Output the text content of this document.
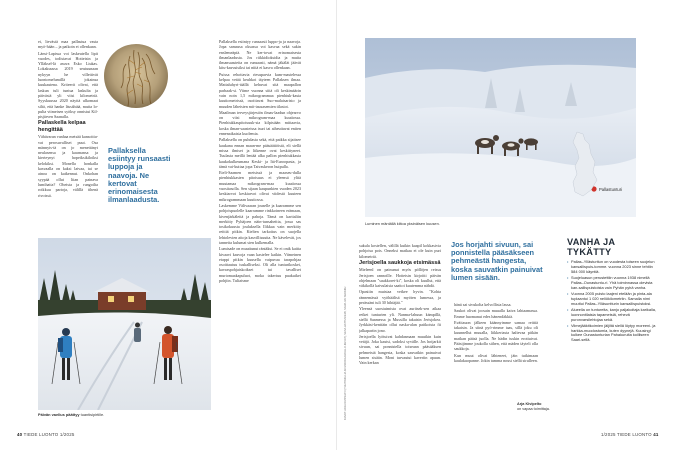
ei, lievästä maa pallastua vasta myö-hään – ja paikoin ei ollenkaan.

Länsi-Lapissa voi laskeutella lipit vuodes, todistavat Hotteisin ja Ylläksel-lä asuva Esko Liukas. Lokakuussa 2019 seutuunaan nykyyn he villettivät luontomelumillä jokainsa kuukautena. Kriteerit olivat, että laskun tuli tuntua laskulta ja päivästä yli viisi kilometriä. Syyskuussa 2020 näyttä ulkomaat siltä, että hanke lässähtää, mutta lo-pulta viimeisen syöksy onnistui Kil-pisjärven Saanalla.

Pallaskella kelpaa hengittää

Vähävaran vanhaa metsää kansoitta-vat perosuvalliset puut. Osa männyis-tä on jo menettänyt neulasensa ja kaarnansa ja kierteynyt hopeiksikiloiksi kelokiksi. Monella honkalla kasvaalla on kaksi latvaa, tai se ainoa on katkennut. Onkohan syypää ollut liian painava lumihatta? Oheista ja rungoilta roikkuu partoja, välillä tihenä rivoissä.

Pallaksella esiintyy runsaasti luppoja ja naavoja. Ne kertovat erinomaisesta ilmanlaadusta.

Pallaksella esiintyy runsaasti luppo-ja ja naavoja. Jopa samassa oksassa voi kasvaa sekä sukin enslemeäpiä. Ne ker-tovat erinomaisesta ilmanlaadusta. Jos riikkidioksidia ja muita ilmansaasteita on runsaasti, nämä jäkälät jäävät kitu-kasvuisiksi tai niitä ei kasva ollenkaan.

Puissa rehottavia riesuparvia kum-mastelessa kelpaa vetää keuhkot täyteen Pallaksen ilmaa. Mattaluhyri-täällä kehuvat sitä maapallon parhaak-si. Viime vuonna siitä oli keskimäärin vain noin 1,5 mikrogrammaa pienhiuk-kasia kuutiometrissä, osoittavat Suo-malaisaristo ja muuden läheisten mit-tausasemien tilastot.

Maailman terveysjärjestön ilmas-laadun ohjearvo on viisi mikrogram-maa kuutiossa. Pienhiukkaspitoisuuk-sia kilpistään mittaavia, koska ilman-saasteissa isuri tai aiheuttavat eniten ennenaikaisia kuolemia.

Pallaksella on puhdasta sekä, että paikka sijaitsee kaukana ennan maan-me pääsäätiöistä, eli siellä missa ilmiset ja liikenne ovat keskittyneet. Tuulasta meillä lentää alka pallon pienhiukkasia kaukokulkeumana Keski- ja Itä-Euroopasta, ja tämä vai-kuttaa jopa Taivaskeron huipulla.

Eteli-Saamen metsissä ja maaseu-dulla pienhiukkasten pitoisuus ei yleensä ylitä muutamaa mikrogram-maa kuutiossa vuositasolla. Sen sijaan kaupunkien vuoden 2023 keskiarvot keskiarvot olivat viidestä kuuteen mikrogrammaan kuutiossa.

Laskemme Välivaaran jouselle ja kaarramme sen pohjoispuolelle kaarramme rinkkoineen erämaan, kivenjärkäleitä ja pahoja. Tämä on karttaliin merkitty Pyhäjoen näin-tunsaheitta, jossa sas tosikokuusta jouluksella Ilikkaa vain merkitty reittiä pitkin. Kielten tarkoitus on suojella lehtolevien aitoja kasvillisuutta. Ne kävelevät, jos tanneita kulumat sien kulkemalla.

Lumisade on muuttunut räntäksi. Se ei onik kaitta kivaavi kasvoja vaan kastelee kaikin. Viimeinen etappi pitkin kuusella vaipuvaa tarapohjaa osoittautuu tuskalliseksi. Oli alla tunturikoskei, kavraspohjaiskoikset tai tavalliset murtomaakapuluot, moka takertuu puakuikei pohjiin. Tuliaisme

Päivän vaellus päättyy tuantisipirtille.
40 TIEDE LUONTO 1/2025
Pallastunturi
Luminen mäntällä kiitoa yksinäisen kuusen.
KUVAT: ARJA KIVIPELTO (TULITIKKU-JA KOLMIORAJAPALLO-KUVAT), NESA HATTUNIEMI, SAMA VAI SERKKU

sukula kostellen, välillä kuikin kaapil kokkasivia pohjoisa pois. Onneksi matkaa ei ole kuin puri kilometriä.

Jerisjoella saukkoja etsimässä

Mieleenl on painunut myös pöllöjen reissu Jerisjoen rannoille. Hotteisin kirjoitti päivän ohjelmaan "saukkoret-ki", koska oli kuullut, että väkikollä kaivulaisia saattoi kuutemma nähdä.

Opastiin muistaa vetkee hyvin. "Kohta rännemässä vyöhäälisä myöten lumessa, ja perässäni tuli 30 hihtäjää."

Yleensä suostuimista ovat auritsek-sen aikaa retket tunturien yli. Nanma-lahuun kämpillä, siellä Saamessa ja Mussilla takaisin Jerisjokea. Jyrkkäsi-kenttäin ollut naska-alan paitkoista fii jalkapartin jono.

Jerisjoella lyötuivat kahdasmaan muutkin kuin vetäjä. Joka kautsi, sadoksi syvälle. Jos hotjarkit sivuun, sai ponnistella toiseaan pääsääksen pehmeistä hangesta, koska sauvatkin painuivat lumen sisään. Moni turvautui kaveriin apuun. Vain kerkan

Jos horjahti sivuun, sai ponnistella pääsäkseen pehmeästä hangesta, koska sauvatkin painuivat lumen sisään.

hänä sai sivukolta kelvollista lassa.

Saukot olivat joosain muualla kaiva lahtaamassa. Emme huomanut edes hänendäkkiä.

Eväitauon jälkeen käännyimme samaa reittiä takaisin. Ja siinä pyö-rimme taas, sillä joku oli kuunnellut muualla, liikkeriasta haltevaa pitkän matkan pääsä juolla. Ne hädin tuskin erottuivat. Pääsijimme joukolla siihen, että mäden täyteli olla saukkoja.

Kun muut olivat lähteneet, jäin tutkimaan kaulakuopanne. Jokin tumma nousi siellä sirulleen.

Arja Kivipelto
on vapaa toimittaja.
1/2025 TIEDE LUONTO 41
VANHA JA TYKÄTTY
• Pallas–Yllästuritun on vuodesta tolseen suojelun kansallispuis-tomme. vuonna 2023 sinne tehtiin 584 000 käyntiä.
• Suojeluasun perustettiin vuonna 1938 nimellä Pallas–Ounastuntu-ri. Yhä toiminnassa olevista kan-sallispuistoista vain Pyhän pyhä vanha.
• Vuonna 2005 puisto laajeni etelään ja pinta-ala tuplaantui 1 020 neliökilometriin. Samalla nimi muuttui Pallas–Ylläsuntturin kansallispuistoksi.
• Alueella on tuntureita, kanjo paljakoitaja karikalla, luonnontilaisia tapametsiä, rehevä puronvarsilehtojaa sekä.
• Viimejääkitkoimien jäljiltä siellä löytyy moreeni- ja harkka-muodostumia, kuten dyynejä. Kuusingi kulkee Ounastunturian Pahakurulta koilliseen Saari-sellä.
